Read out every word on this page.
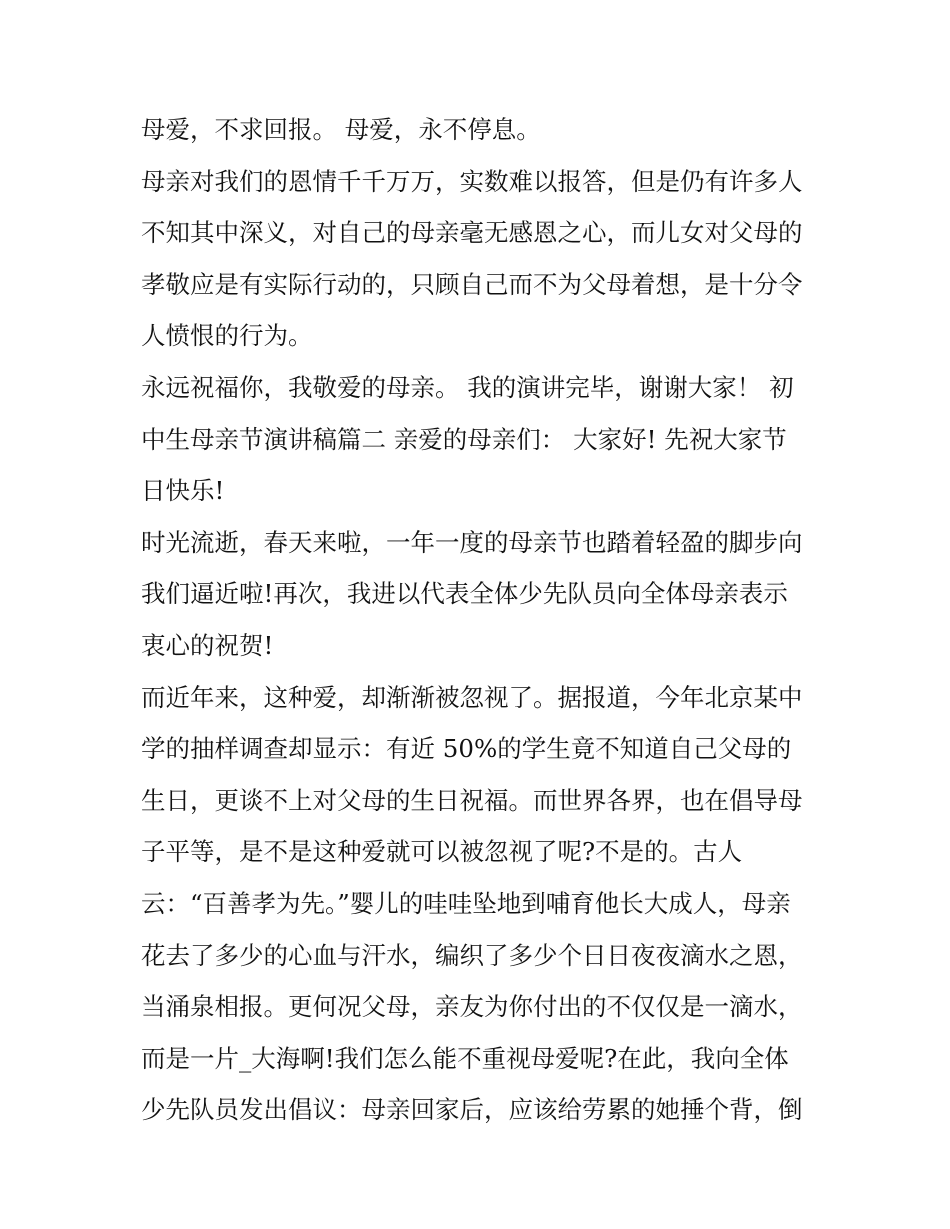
母爱，不求回报。 母爱，永不停息。
母亲对我们的恩情千千万万，实数难以报答，但是仍有许多人
不知其中深义，对自己的母亲毫无感恩之心，而儿女对父母的
孝敬应是有实际行动的，只顾自己而不为父母着想，是十分令
人愤恨的行为。
永远祝福你，我敬爱的母亲。 我的演讲完毕，谢谢大家！ 初
中生母亲节演讲稿篇二 亲爱的母亲们： 大家好! 先祝大家节
日快乐!
时光流逝，春天来啦，一年一度的母亲节也踏着轻盈的脚步向
我们逼近啦!再次，我进以代表全体少先队员向全体母亲表示
衷心的祝贺!
而近年来，这种爱，却渐渐被忽视了。据报道，今年北京某中
学的抽样调查却显示：有近 50%的学生竟不知道自己父母的
生日，更谈不上对父母的生日祝福。而世界各界，也在倡导母
子平等，是不是这种爱就可以被忽视了呢?不是的。古人
云：“百善孝为先。”婴儿的哇哇坠地到哺育他长大成人，母亲
花去了多少的心血与汗水，编织了多少个日日夜夜滴水之恩，
当涌泉相报。更何况父母，亲友为你付出的不仅仅是一滴水，
而是一片_大海啊!我们怎么能不重视母爱呢?在此，我向全体
少先队员发出倡议：母亲回家后，应该给劳累的她捶个背，倒
